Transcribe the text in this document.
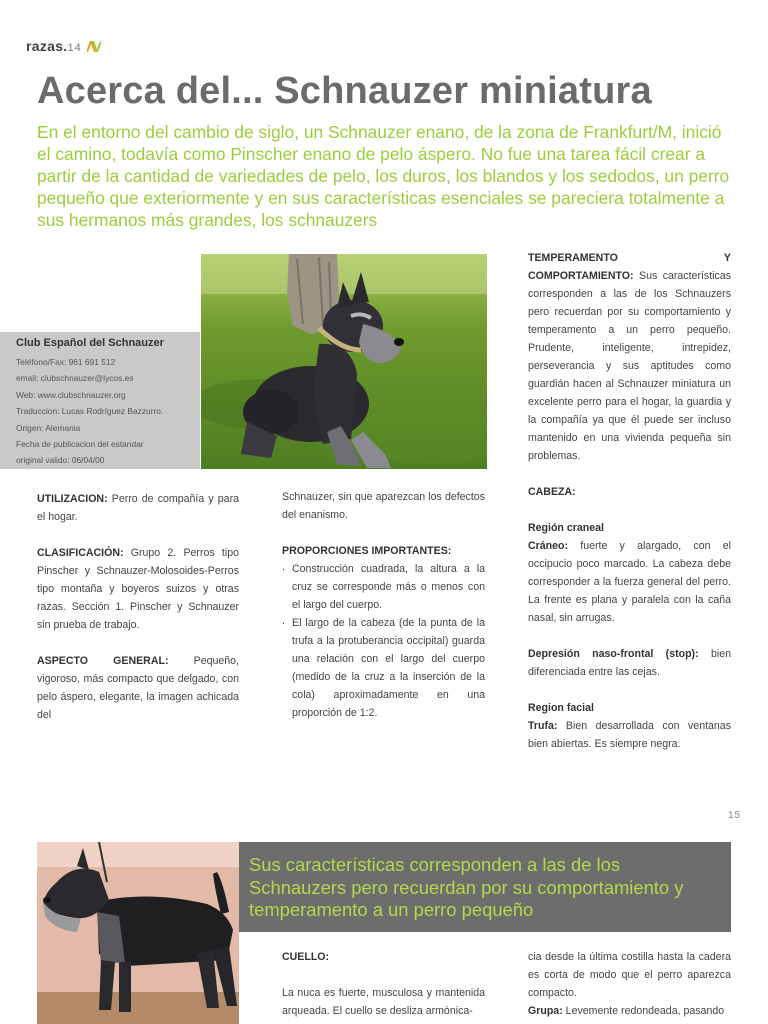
razas.14
Acerca del... Schnauzer miniatura

En el entorno del cambio de siglo, un Schnauzer enano, de la zona de Frankfurt/M, inició el camino, todavía como Pinscher enano de pelo áspero. No fue una tarea fácil crear a partir de la cantidad de variedades de pelo, los duros, los blandos y los sedodos, un perro pequeño que exteriormente y en sus características esenciales se pareciera totalmente a sus hermanos más grandes, los schnauzers

Club Español del Schnauzer
Teléfono/Fax: 961 691 512
email: clubschnauzer@lycos.es
Web: www.clubschnauzer.org
Traduccion: Lucas Rodríguez Bazzurro.
Origen: Alemania
Fecha de publicacion del estandar
original valido: 06/04/00

UTILIZACION: Perro de compañía y para el hogar.

CLASIFICACIÓN: Grupo 2. Perros tipo Pinscher y Schnauzer-Molosoides-Perros tipo montaña y boyeros suizos y otras razas. Sección 1. Pinscher y Schnauzer sin prueba de trabajo.

ASPECTO GENERAL: Pequeño, vigoroso, más compacto que delgado, con pelo áspero, elegante, la imagen achicada del

Schnauzer, sin que aparezcan los defectos del enanismo.

PROPORCIONES IMPORTANTES:
. Construcción cuadrada, la altura a la cruz se corresponde más o menos con el largo del cuerpo.
. El largo de la cabeza (de la punta de la trufa a la protuberancia occipital) guarda una relación con el largo del cuerpo (medido de la cruz a la inserción de la cola) aproximadamente en una proporción de 1:2.

TEMPERAMENTO Y COMPORTAMIENTO: Sus características corresponden a las de los Schnauzers pero recuerdan por su comportamiento y temperamento a un perro pequeño. Prudente, inteligente, intrepidez, perseverancia y sus aptitudes como guardián hacen al Schnauzer miniatura un excelente perro para el hogar, la guardia y la compañía ya que él puede ser incluso mantenido en una vivienda pequeña sin problemas.

CABEZA:

Región craneal
Cráneo: fuerte y alargado, con el occipucio poco marcado. La cabeza debe corresponder a la fuerza general del perro. La frente es plana y paralela con la caña nasal, sin arrugas.

Depresión naso-frontal (stop): bien diferenciada entre las cejas.

Region facial
Trufa: Bien desarrollada con ventanas bien abiertas. Es siempre negra.

15

Sus características corresponden a las de los Schnauzers pero recuerdan por su comportamiento y temperamento a un perro pequeño

CUELLO:

La nuca es fuerte, musculosa y mantenida arqueada. El cuello se desliza armónica-

cia desde la última costilla hasta la cadera es corta de modo que el perro aparezca compacto.
Grupa: Levemente redondeada, pasando
